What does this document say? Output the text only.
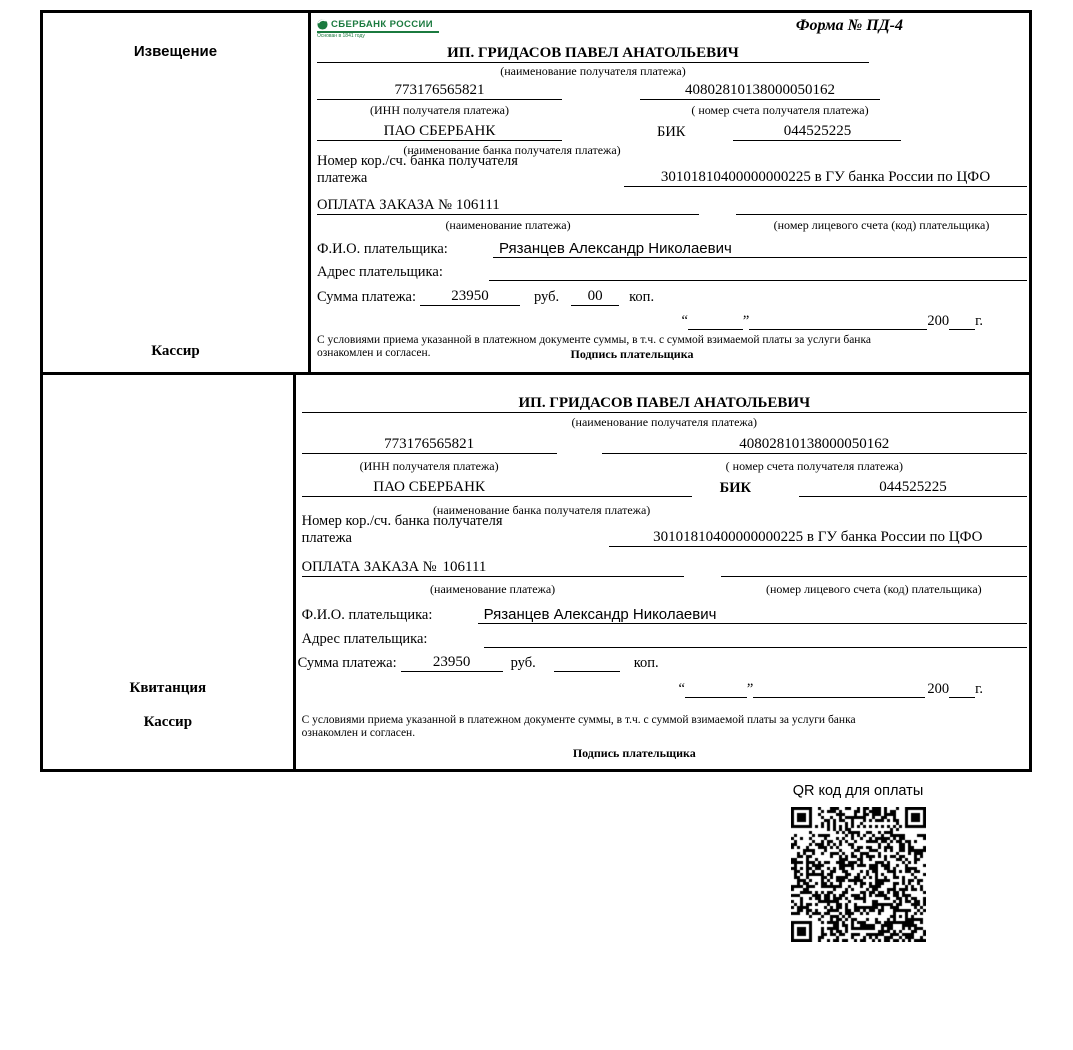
Извещение
Кассир
СБЕРБАНК РОССИИ
Основан в 1841 году
Форма № ПД-4
ИП. ГРИДАСОВ ПАВЕЛ АНАТОЛЬЕВИЧ
(наименование получателя платежа)
773176565821	40802810138000050162
(ИНН получателя платежа)	( номер счета получателя платежа)
ПАО СБЕРБАНК	БИК	044525225
(наименование банка получателя платежа)
Номер кор./сч. банка получателя платежа	30101810400000000225 в ГУ банка России по ЦФО
ОПЛАТА ЗАКАЗА № 106111
(наименование платежа)	(номер лицевого счета (код) плательщика)
Ф.И.О. плательщика:	Рязанцев Александр Николаевич
Адрес плательщика:
Сумма платежа:	23950	руб.	00	коп.
“	”	200 г.
С условиями приема указанной в платежном документе суммы, в т.ч. с суммой взимаемой платы за услуги банка
ознакомлен и согласен.	Подпись плательщика
Квитанция
Кассир
ИП. ГРИДАСОВ ПАВЕЛ АНАТОЛЬЕВИЧ
(наименование получателя платежа)
773176565821	40802810138000050162
(ИНН получателя платежа)	( номер счета получателя платежа)
ПАО СБЕРБАНК	БИК	044525225
(наименование банка получателя платежа)
Номер кор./сч. банка получателя платежа	30101810400000000225 в ГУ банка России по ЦФО
ОПЛАТА ЗАКАЗА № 106111
(наименование платежа)	(номер лицевого счета (код) плательщика)
Ф.И.О. плательщика:	Рязанцев Александр Николаевич
Адрес плательщика:
Сумма платежа:	23950	руб.	коп.
“	”	200 г.
С условиями приема указанной в платежном документе суммы, в т.ч. с суммой взимаемой платы за услуги банка
ознакомлен и согласен.
Подпись плательщика
QR код для оплаты
